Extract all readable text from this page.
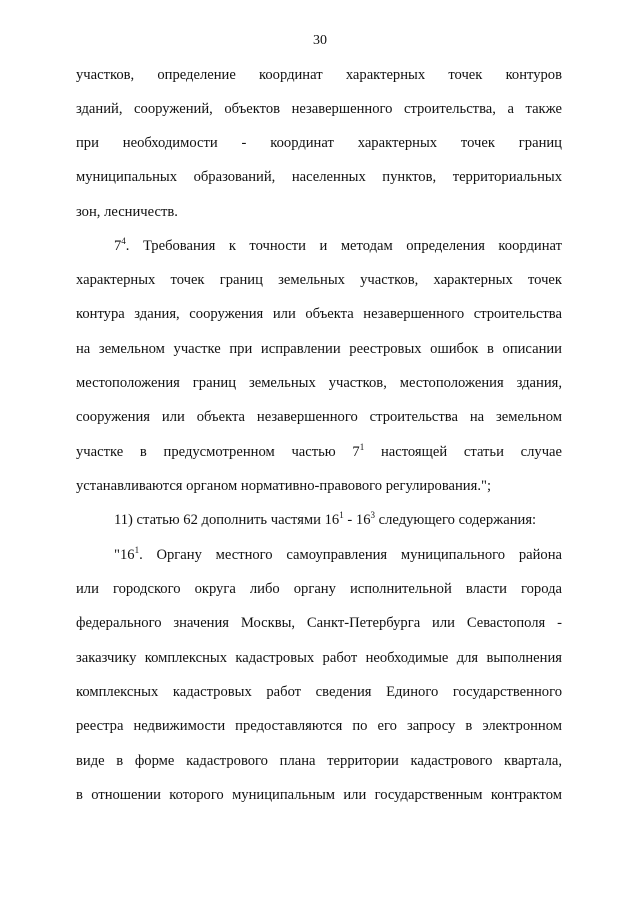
30
участков, определение координат характерных точек контуров
зданий, сооружений, объектов незавершенного строительства, а также
при необходимости - координат характерных точек границ
муниципальных образований, населенных пунктов, территориальных
зон, лесничеств.
$7^4$. Требования к точности и методам определения координат
характерных точек границ земельных участков, характерных точек
контура здания, сооружения или объекта незавершенного строительства
на земельном участке при исправлении реестровых ошибок в описании
местоположения границ земельных участков, местоположения здания,
сооружения или объекта незавершенного строительства на земельном
участке в предусмотренном частью $7^1$ настоящей статьи случае
устанавливаются органом нормативно-правового регулирования.";
11) статью 62 дополнить частями $16^1 - 16^3$ следующего содержания:
"$16^1$. Органу местного самоуправления муниципального района
или городского округа либо органу исполнительной власти города
федерального значения Москвы, Санкт-Петербурга или Севастополя -
заказчику комплексных кадастровых работ необходимые для выполнения
комплексных кадастровых работ сведения Единого государственного
реестра недвижимости предоставляются по его запросу в электронном
виде в форме кадастрового плана территории кадастрового квартала,
в отношении которого муниципальным или государственным контрактом
